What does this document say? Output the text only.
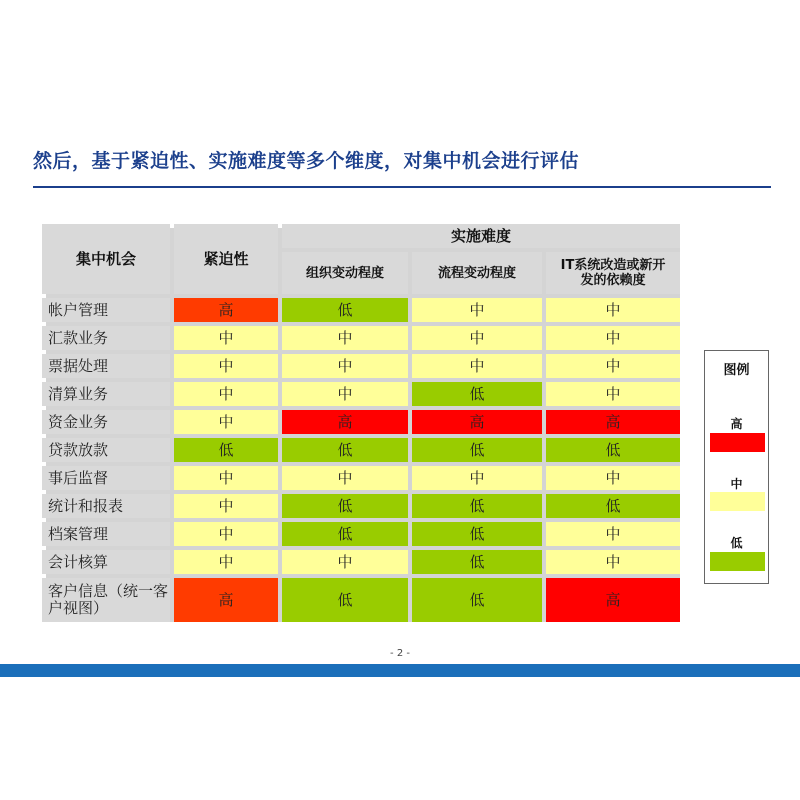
然后，基于紧迫性、实施难度等多个维度，对集中机会进行评估
集中机会	紧迫性
实施难度
组织变动程度	流程变动程度	IT系统改造或新开发的依赖度
帐户管理	高	低	中	中
汇款业务	中	中	中	中
票据处理	中	中	中	中
清算业务	中	中	低	中
资金业务	中	高	高	高
贷款放款	低	低	低	低
事后监督	中	中	中	中
统计和报表	中	低	低	低
档案管理	中	低	低	中
会计核算	中	中	低	中
客户信息（统一客户视图）	高	低	低	高
图例
高
中
低
- 2 -
